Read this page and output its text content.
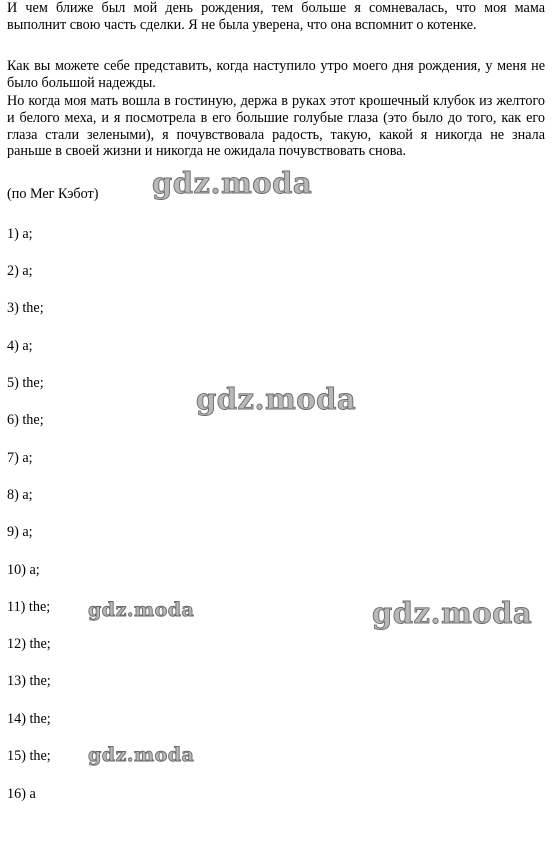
И чем ближе был мой день рождения, тем больше я сомневалась, что моя мама выполнит свою часть сделки. Я не была уверена, что она вспомнит о котенке.

Как вы можете себе представить, когда наступило утро моего дня рождения, у меня не было большой надежды.

Но когда моя мать вошла в гостиную, держа в руках этот крошечный клубок из желтого и белого меха, и я посмотрела в его большие голубые глаза (это было до того, как его глаза стали зелеными), я почувствовала радость, такую, какой я никогда не знала раньше в своей жизни и никогда не ожидала почувствовать снова.

(по Мег Кэбот)

1) a;

2) a;

3) the;

4) a;

5) the;

6) the;

7) a;

8) a;

9) a;

10) a;

11) the;

12) the;

13) the;

14) the;

15) the;

16) a

gdz.moda
gdz.moda
gdz.moda	gdz.moda
gdz.moda
